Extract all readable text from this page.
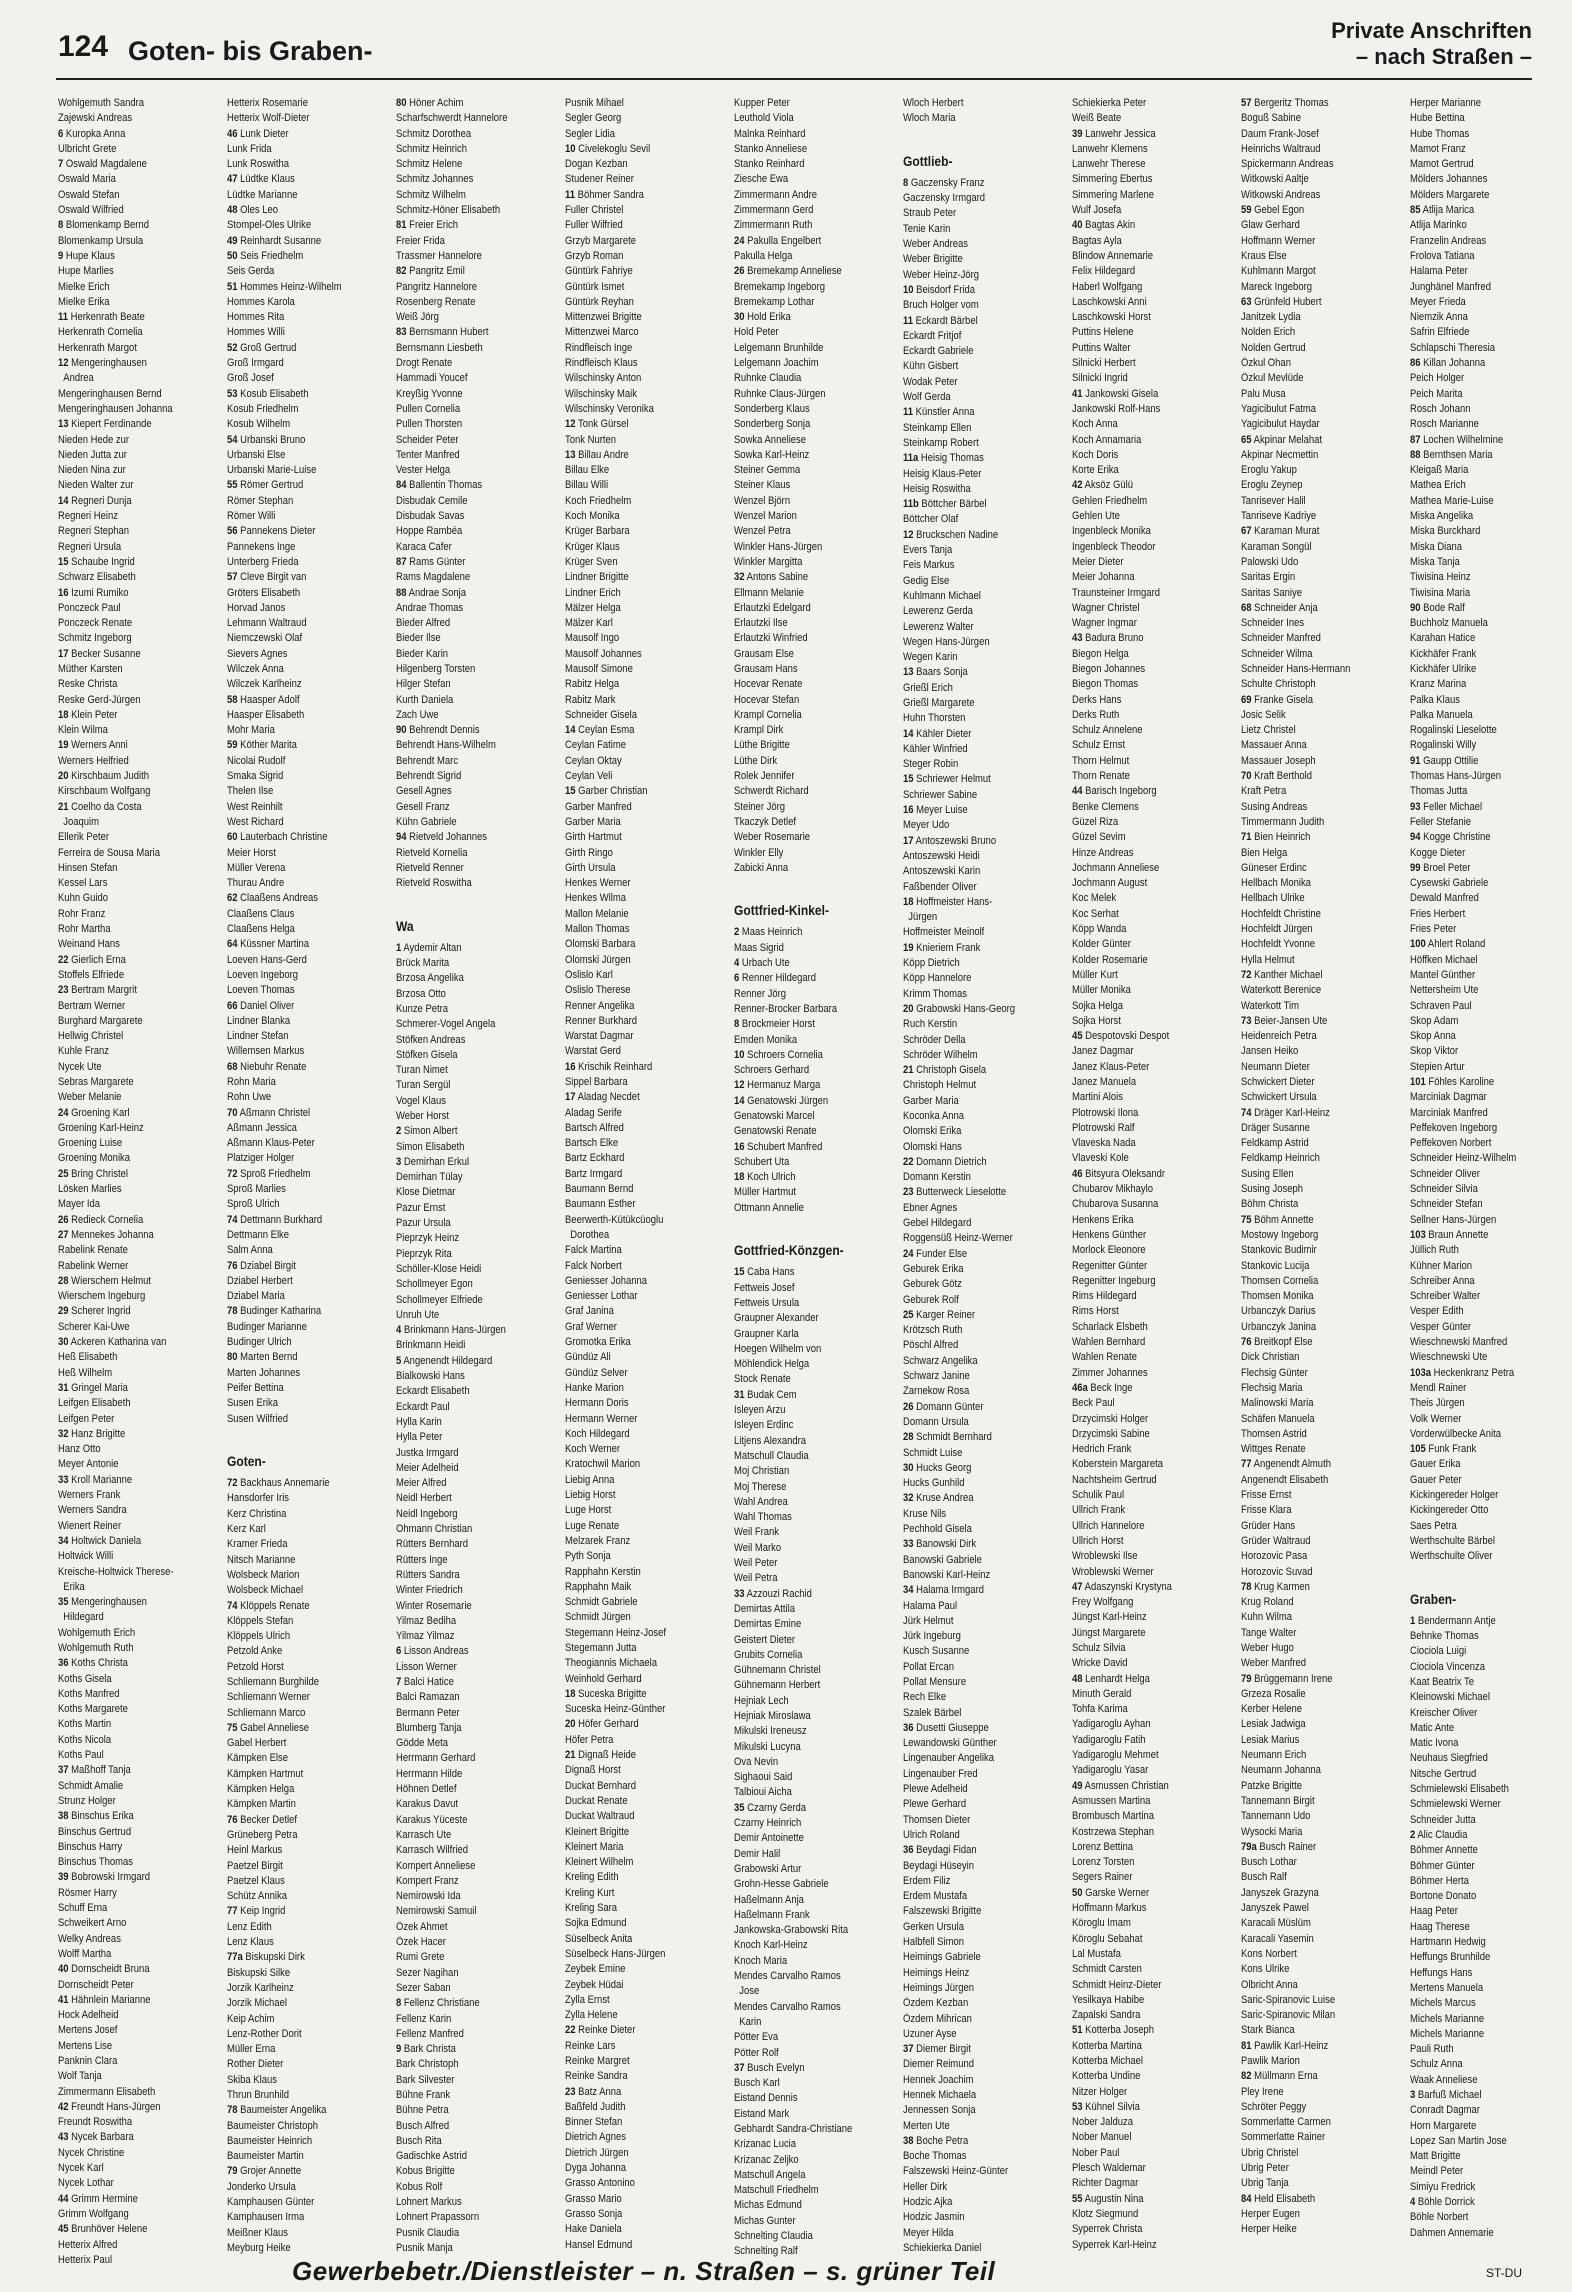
124 Goten- bis Graben-
Private Anschriften
– nach Straßen –
Wohlgemuth Sandra
Zajewski Andreas
6 Kuropka Anna
Ulbricht Grete
7 Oswald Magdalene
Oswald Maria
Oswald Stefan
Oswald Wilfried
8 Blomenkamp Bernd
Blomenkamp Ursula
9 Hupe Klaus
Hupe Marlies
Mielke Erich
Mielke Erika
11 Herkenrath Beate
Herkenrath Cornelia
Herkenrath Margot
12 Mengeringhausen
Andrea
Mengeringhausen Bernd
Mengeringhausen Johanna
13 Kiepert Ferdinande
Nieden Hede zur
Nieden Jutta zur
Nieden Nina zur
Nieden Walter zur
14 Regneri Dunja
Regneri Heinz
Regneri Stephan
Regneri Ursula
15 Schaube Ingrid
Schwarz Elisabeth
16 Izumi Rumiko
Ponczeck Paul
Ponczeck Renate
Schmitz Ingeborg
17 Becker Susanne
Müther Karsten
Reske Christa
Reske Gerd-Jürgen
18 Klein Peter
Klein Wilma
19 Werners Anni
Werners Helfried
20 Kirschbaum Judith
Kirschbaum Wolfgang
21 Coelho da Costa
Joaquim
Ellerik Peter
Ferreira de Sousa Maria
Hinsen Stefan
Kessel Lars
Kuhn Guido
Rohr Franz
Rohr Martha
Weinand Hans
22 Gierlich Erna
Stoffels Elfriede
23 Bertram Margrit
Bertram Werner
Burghard Margarete
Hellwig Christel
Kuhle Franz
Nycek Ute
Sebras Margarete
Weber Melanie
24 Groening Karl
Groening Karl-Heinz
Groening Luise
Groening Monika
25 Bring Christel
Lösken Marlies
Mayer Ida
26 Redieck Cornelia
27 Mennekes Johanna
Rabelink Renate
Rabelink Werner
28 Wierschem Helmut
Wierschem Ingeburg
29 Scherer Ingrid
Scherer Kai-Uwe
30 Ackeren Katharina van
Heß Elisabeth
Heß Wilhelm
31 Gringel Maria
Leifgen Elisabeth
Leifgen Peter
32 Hanz Brigitte
Hanz Otto
Meyer Antonie
33 Kroll Marianne
Werners Frank
Werners Sandra
Wienert Reiner
34 Holtwick Daniela
Holtwick Willi
Kreische-Holtwick Therese-
Erika
35 Mengeringhausen
Hildegard
Wohlgemuth Erich
Wohlgemuth Ruth
36 Koths Christa
Koths Gisela
Koths Manfred
Koths Margarete
Koths Martin
Koths Nicola
Koths Paul
37 Maßhoff Tanja
Schmidt Amalie
Strunz Holger
38 Binschus Erika
Binschus Gertrud
Binschus Harry
Binschus Thomas
39 Bobrowski Irmgard
Rösmer Harry
Schuff Erna
Schweikert Arno
Welky Andreas
Wolff Martha
40 Dornscheidt Bruna
Dornscheidt Peter
41 Hähnlein Marianne
Hock Adelheid
Mertens Josef
Mertens Lise
Panknin Clara
Wolf Tanja
Zimmermann Elisabeth
42 Freundt Hans-Jürgen
Freundt Roswitha
43 Nycek Barbara
Nycek Christine
Nycek Karl
Nycek Lothar
44 Grimm Hermine
Grimm Wolfgang
45 Brunhöver Helene
Hetterix Alfred
Hetterix Paul
Hetterix Rosemarie
Hetterix Wolf-Dieter
46 Lunk Dieter
Lunk Frida
Lunk Roswitha
47 Lüdtke Klaus
Lüdtke Marianne
48 Oles Leo
Stompel-Oles Ulrike
49 Reinhardt Susanne
50 Seis Friedhelm
Seis Gerda
51 Hommes Heinz-Wilhelm
Hommes Karola
Hommes Rita
Hommes Willi
52 Groß Gertrud
Groß Irmgard
Groß Josef
53 Kosub Elisabeth
Kosub Friedhelm
Kosub Wilhelm
54 Urbanski Bruno
Urbanski Else
Urbanski Marie-Luise
55 Römer Gertrud
Römer Stephan
Römer Willi
56 Pannekens Dieter
Pannekens Inge
Unterberg Frieda
57 Cleve Birgit van
Gröters Elisabeth
Horvad Janos
Lehmann Waltraud
Niemczewski Olaf
Sievers Agnes
Wilczek Anna
Wilczek Karlheinz
58 Haasper Adolf
Haasper Elisabeth
Mohr Maria
59 Köther Marita
Nicolai Rudolf
Smaka Sigrid
Thelen Ilse
West Reinhilt
West Richard
60 Lauterbach Christine
Meier Horst
Müller Verena
Thurau Andre
62 Claaßens Andreas
Claaßens Claus
Claaßens Helga
64 Küssner Martina
Loeven Hans-Gerd
Loeven Ingeborg
Loeven Thomas
66 Daniel Oliver
Lindner Blanka
Lindner Stefan
Willemsen Markus
68 Niebuhr Renate
Rohn Maria
Rohn Uwe
70 Aßmann Christel
Aßmann Jessica
Aßmann Klaus-Peter
Platziger Holger
72 Sproß Friedhelm
Sproß Marlies
Sproß Ulrich
74 Dettmann Burkhard
Dettmann Elke
Salm Anna
76 Dziabel Birgit
Dziabel Herbert
Dziabel Maria
78 Budinger Katharina
Budinger Marianne
Budinger Ulrich
80 Marten Bernd
Marten Johannes
Peifer Bettina
Susen Erika
Susen Wilfried

Goten-
72 Backhaus Annemarie
Hansdorfer Iris
Kerz Christina
Kerz Karl
Kramer Frieda
Nitsch Marianne
Wolsbeck Marion
Wolsbeck Michael
74 Klöppels Renate
Klöppels Stefan
Klöppels Ulrich
Petzold Anke
Petzold Horst
Schliemann Burghilde
Schliemann Werner
Schliemann Marco
75 Gabel Anneliese
Gabel Herbert
Kämpken Else
Kämpken Hartmut
Kämpken Helga
Kämpken Martin
76 Becker Detlef
Grüneberg Petra
Heinl Markus
Paetzel Birgit
Paetzel Klaus
Schütz Annika
77 Keip Ingrid
Lenz Edith
Lenz Klaus
77a Biskupski Dirk
Biskupski Silke
Jorzik Karlheinz
Jorzik Michael
Keip Achim
Lenz-Rother Dorit
Müller Erna
Rother Dieter
Skiba Klaus
Thrun Brunhild
78 Baumeister Angelika
Baumeister Christoph
Baumeister Heinrich
Baumeister Martin
79 Grojer Annette
Jonderko Ursula
Kamphausen Günter
Kamphausen Irma
Meißner Klaus
Meyburg Heike
80 Höner Achim
Scharfschwerdt Hannelore
Schmitz Dorothea
Schmitz Heinrich
Schmitz Helene
Schmitz Johannes
Schmitz Wilhelm
Schmitz-Höner Elisabeth
81 Freier Erich
Freier Frida
Trassmer Hannelore
82 Pangritz Emil
Pangritz Hannelore
Rosenberg Renate
Weiß Jörg
83 Bernsmann Hubert
Bernsmann Liesbeth
Drogt Renate
Hammadi Youcef
Kreyßig Yvonne
Pullen Cornelia
Pullen Thorsten
Scheider Peter
Tenter Manfred
Vester Helga
84 Ballentin Thomas
Disbudak Cemile
Disbudak Savas
Hoppe Rambéa
Karaca Cafer
87 Rams Günter
Rams Magdalene
88 Andrae Sonja
Andrae Thomas
Bieder Alfred
Bieder Ilse
Bieder Karin
Hilgenberg Torsten
Hilger Stefan
Kurth Daniela
Zach Uwe
90 Behrendt Dennis
Behrendt Hans-Wilhelm
Behrendt Marc
Behrendt Sigrid
Gesell Agnes
Gesell Franz
Kühn Gabriele
94 Rietveld Johannes
Rietveld Kornelia
Rietveld Renner
Rietveld Roswitha

Wa
1 Aydemir Altan
Brück Marita
Brzosa Angelika
Brzosa Otto
Kunze Petra
Schmerer-Vogel Angela
Stöfken Andreas
Stöfken Gisela
Turan Nimet
Turan Sergül
Vogel Klaus
Weber Horst
2 Simon Albert
Simon Elisabeth
3 Demirhan Erkul
Demirhan Tülay
Klose Dietmar
Pazur Ernst
Pazur Ursula
Pieprzyk Heinz
Pieprzyk Rita
Schöller-Klose Heidi
Schollmeyer Egon
Schollmeyer Elfriede
Unruh Ute
4 Brinkmann Hans-Jürgen
Brinkmann Heidi
5 Angenendt Hildegard
Bialkowski Hans
Eckardt Elisabeth
Eckardt Paul
Hylla Karin
Hylla Peter
Justka Irmgard
Meier Adelheid
Meier Alfred
Neidl Herbert
Neidl Ingeborg
Ohmann Christian
Rütters Bernhard
Rütters Inge
Rütters Sandra
Winter Friedrich
Winter Rosemarie
Yilmaz Bediha
Yilmaz Yilmaz
6 Lisson Andreas
Lisson Werner
7 Balci Hatice
Balci Ramazan
Bermann Peter
Blumberg Tanja
Gödde Meta
Herrmann Gerhard
Herrmann Hilde
Höhnen Detlef
Karakus Davut
Karakus Yüceste
Karrasch Ute
Karrasch Wilfried
Kompert Anneliese
Kompert Franz
Nemirowski Ida
Nemirowski Samuil
Özek Ahmet
Özek Hacer
Rumi Grete
Sezer Nagihan
Sezer Saban
8 Fellenz Christiane
Fellenz Karin
Fellenz Manfred
9 Bark Christa
Bark Christoph
Bark Silvester
Bühne Frank
Bühne Petra
Busch Alfred
Busch Rita
Gadischke Astrid
Kobus Brigitte
Kobus Rolf
Lohnert Markus
Lohnert Prapassorn
Pusnik Claudia
Pusnik Manja
Pusnik Mihael
Segler Georg
Segler Lidia
10 Civelekoglu Sevil
Dogan Kezban
Studener Reiner
11 Böhmer Sandra
Fuller Christel
Fuller Wilfried
Grzyb Margarete
Grzyb Roman
Güntürk Fahriye
Güntürk Ismet
Güntürk Reyhan
Mittenzwei Brigitte
Mittenzwei Marco
Rindfleisch Inge
Rindfleisch Klaus
Wilschinsky Anton
Wilschinsky Maik
Wilschinsky Veronika
12 Tonk Gürsel
Tonk Nurten
13 Billau Andre
Billau Elke
Billau Willi
Koch Friedhelm
Koch Monika
Krüger Barbara
Krüger Klaus
Krüger Sven
Lindner Brigitte
Lindner Erich
Mälzer Helga
Mälzer Karl
Mausolf Ingo
Mausolf Johannes
Mausolf Simone
Rabitz Helga
Rabitz Mark
Schneider Gisela
14 Ceylan Esma
Ceylan Fatime
Ceylan Oktay
Ceylan Veli
15 Garber Christian
Garber Manfred
Garber Maria
Girth Hartmut
Girth Ringo
Girth Ursula
Henkes Werner
Henkes Wilma
Mallon Melanie
Mallon Thomas
Olomski Barbara
Olomski Jürgen
Oslislo Karl
Oslislo Therese
Renner Angelika
Renner Burkhard
Warstat Dagmar
Warstat Gerd
16 Krischik Reinhard
Sippel Barbara
17 Aladag Necdet
Aladag Serife
Bartsch Alfred
Bartsch Elke
Bartz Eckhard
Bartz Irmgard
Baumann Bernd
Baumann Esther
Beerwerth-Kütükcüoglu
Dorothea
Falck Martina
Falck Norbert
Geniesser Johanna
Geniesser Lothar
Graf Janina
Graf Werner
Gromotka Erika
Gündüz Ali
Gündüz Selver
Hanke Marion
Hermann Doris
Hermann Werner
Koch Hildegard
Koch Werner
Kratochwil Marion
Liebig Anna
Liebig Horst
Luge Horst
Luge Renate
Melzarek Franz
Pyth Sonja
Rapphahn Kerstin
Rapphahn Maik
Schmidt Gabriele
Schmidt Jürgen
Stegemann Heinz-Josef
Stegemann Jutta
Theogiannis Michaela
Weinhold Gerhard
18 Suceska Brigitte
Suceska Heinz-Günther
20 Höfer Gerhard
Höfer Petra
21 Dignaß Heide
Dignaß Horst
Duckat Bernhard
Duckat Renate
Duckat Waltraud
Kleinert Brigitte
Kleinert Maria
Kleinert Wilhelm
Kreling Edith
Kreling Kurt
Kreling Sara
Sojka Edmund
Süselbeck Anita
Süselbeck Hans-Jürgen
Zeybek Emine
Zeybek Hüdai
Zylla Ernst
Zylla Helene
22 Reinke Dieter
Reinke Lars
Reinke Margret
Reinke Sandra
23 Batz Anna
Baßfeld Judith
Binner Stefan
Dietrich Agnes
Dietrich Jürgen
Dyga Johanna
Grasso Antonino
Grasso Mario
Grasso Sonja
Hake Daniela
Hansel Edmund
Kupper Peter
Leuthold Viola
Malnka Reinhard
Stanko Anneliese
Stanko Reinhard
Ziesche Ewa
Zimmermann Andre
Zimmermann Gerd
Zimmermann Ruth
24 Pakulla Engelbert
Pakulla Helga
26 Bremekamp Anneliese
Bremekamp Ingeborg
Bremekamp Lothar
30 Hold Erika
Hold Peter
Lelgemann Brunhilde
Lelgemann Joachim
Ruhnke Claudia
Ruhnke Claus-Jürgen
Sonderberg Klaus
Sonderberg Sonja
Sowka Anneliese
Sowka Karl-Heinz
Steiner Gemma
Steiner Klaus
Wenzel Björn
Wenzel Marion
Wenzel Petra
Winkler Hans-Jürgen
Winkler Margitta
32 Antons Sabine
Ellmann Melanie
Erlautzki Edelgard
Erlautzki Ilse
Erlautzki Winfried
Grausam Else
Grausam Hans
Hocevar Renate
Hocevar Stefan
Krampl Cornelia
Krampl Dirk
Lüthe Brigitte
Lüthe Dirk
Rolek Jennifer
Schwerdt Richard
Steiner Jörg
Tkaczyk Detlef
Weber Rosemarie
Winkler Elly
Zabicki Anna

Gottfried-Kinkel-
2 Maas Heinrich
Maas Sigrid
4 Urbach Ute
6 Renner Hildegard
Renner Jörg
Renner-Brocker Barbara
8 Brockmeier Horst
Emden Monika
10 Schroers Cornelia
Schroers Gerhard
12 Hermanuz Marga
14 Genatowski Jürgen
Genatowski Marcel
Genatowski Renate
16 Schubert Manfred
Schubert Uta
18 Koch Ulrich
Müller Hartmut
Ottmann Annelie

Gottfried-Könzgen-
15 Caba Hans
Fettweis Josef
Fettweis Ursula
Graupner Alexander
Graupner Karla
Hoegen Wilhelm von
Möhlendick Helga
Stock Renate
31 Budak Cem
Isleyen Arzu
Isleyen Erdinc
Litjens Alexandra
Matschull Claudia
Moj Christian
Moj Therese
Wahl Andrea
Wahl Thomas
Weil Frank
Weil Marko
Weil Peter
Weil Petra
33 Azzouzi Rachid
Demirtas Attila
Demirtas Emine
Geistert Dieter
Grubits Cornelia
Gühnemann Christel
Gühnemann Herbert
Hejniak Lech
Hejniak Miroslawa
Mikulski Ireneusz
Mikulski Lucyna
Ova Nevin
Sighaoui Said
Talbioui Aicha
35 Czarny Gerda
Czarny Heinrich
Demir Antoinette
Demir Halil
Grabowski Artur
Grohn-Hesse Gabriele
Haßelmann Anja
Haßelmann Frank
Jankowska-Grabowski Rita
Knoch Karl-Heinz
Knoch Maria
Mendes Carvalho Ramos
Jose
Mendes Carvalho Ramos
Karin
Pötter Eva
Pötter Rolf
37 Busch Evelyn
Busch Karl
Eistand Dennis
Eistand Mark
Gebhardt Sandra-Christiane
Krizanac Lucia
Krizanac Zeljko
Matschull Angela
Matschull Friedhelm
Michas Edmund
Michas Gunter
Schnelting Claudia
Schnelting Ralf
Wloch Herbert
Wloch Maria

Gottlieb-
8 Gaczensky Franz
Gaczensky Irmgard
Straub Peter
Tenie Karin
Weber Andreas
Weber Brigitte
Weber Heinz-Jörg
10 Beisdorf Frida
Bruch Holger vom
11 Eckardt Bärbel
Eckardt Fritjof
Eckardt Gabriele
Kühn Gisbert
Wodak Peter
Wolf Gerda
11 Künstler Anna
Steinkamp Ellen
Steinkamp Robert
11a Heisig Thomas
Heisig Klaus-Peter
Heisig Roswitha
11b Böttcher Bärbel
Böttcher Olaf
12 Bruckschen Nadine
Evers Tanja
Feis Markus
Gedig Else
Kuhlmann Michael
Lewerenz Gerda
Lewerenz Walter
Wegen Hans-Jürgen
Wegen Karin
13 Baars Sonja
Grießl Erich
Grießl Margarete
Huhn Thorsten
14 Kähler Dieter
Kähler Winfried
Steger Robin
15 Schriewer Helmut
Schriewer Sabine
16 Meyer Luise
Meyer Udo
17 Antoszewski Bruno
Antoszewski Heidi
Antoszewski Karin
Faßbender Oliver
18 Hoffmeister Hans-
Jürgen
Hoffmeister Meinolf
19 Knieriem Frank
Köpp Dietrich
Köpp Hannelore
Krimm Thomas
20 Grabowski Hans-Georg
Ruch Kerstin
Schröder Della
Schröder Wilhelm
21 Christoph Gisela
Christoph Helmut
Garber Maria
Koconka Anna
Olomski Erika
Olomski Hans
22 Domann Dietrich
Domann Kerstin
23 Butterweck Lieselotte
Ebner Agnes
Gebel Hildegard
Roggensüß Heinz-Werner
24 Funder Else
Geburek Erika
Geburek Götz
Geburek Rolf
25 Karger Reiner
Krötzsch Ruth
Pöschl Alfred
Schwarz Angelika
Schwarz Janine
Zarnekow Rosa
26 Domann Günter
Domann Ursula
28 Schmidt Bernhard
Schmidt Luise
30 Hucks Georg
Hucks Gunhild
32 Kruse Andrea
Kruse Nils
Pechhold Gisela
33 Banowski Dirk
Banowski Gabriele
Banowski Karl-Heinz
34 Halama Irmgard
Halama Paul
Jürk Helmut
Jürk Ingeburg
Kusch Susanne
Pollat Ercan
Pollat Mensure
Rech Elke
Szalek Bärbel
36 Dusetti Giuseppe
Lewandowski Günther
Lingenauber Angelika
Lingenauber Fred
Plewe Adelheid
Plewe Gerhard
Thomsen Dieter
Ulrich Roland
36 Beydagi Fidan
Beydagi Hüseyin
Erdem Filiz
Erdem Mustafa
Falszewski Brigitte
Gerken Ursula
Halbfell Simon
Heimings Gabriele
Heimings Heinz
Heimings Jürgen
Özdem Kezban
Özdem Mihrican
Uzuner Ayse
37 Diemer Birgit
Diemer Reimund
Hennek Joachim
Hennek Michaela
Jennessen Sonja
Merten Ute
38 Boche Petra
Boche Thomas
Falszewski Heinz-Günter
Heller Dirk
Hodzic Ajka
Hodzic Jasmin
Meyer Hilda
Schiekierka Daniel
Schiekierka Peter
Weiß Beate
39 Lanwehr Jessica
Lanwehr Klemens
Lanwehr Therese
Simmering Ebertus
Simmering Marlene
Wulf Josefa
40 Bagtas Akin
Bagtas Ayla
Blindow Annemarie
Felix Hildegard
Haberl Wolfgang
Laschkowski Anni
Laschkowski Horst
Puttins Helene
Puttins Walter
Silnicki Herbert
Silnicki Ingrid
41 Jankowski Gisela
Jankowski Rolf-Hans
Koch Anna
Koch Annamaria
Koch Doris
Korte Erika
42 Aksöz Gülü
Gehlen Friedhelm
Gehlen Ute
Ingenbleck Monika
Ingenbleck Theodor
Meier Dieter
Meier Johanna
Traunsteiner Irmgard
Wagner Christel
Wagner Ingmar
43 Badura Bruno
Biegon Helga
Biegon Johannes
Biegon Thomas
Derks Hans
Derks Ruth
Schulz Annelene
Schulz Ernst
Thorn Helmut
Thorn Renate
44 Barisch Ingeborg
Benke Clemens
Güzel Riza
Güzel Sevim
Hinze Andreas
Jochmann Anneliese
Jochmann August
Koc Melek
Koc Serhat
Köpp Wanda
Kolder Günter
Kolder Rosemarie
Müller Kurt
Müller Monika
Sojka Helga
Sojka Horst
45 Despotovski Despot
Janez Dagmar
Janez Klaus-Peter
Janez Manuela
Martini Alois
Plotrowski Ilona
Plotrowski Ralf
Vlaveskа Nada
Vlaveski Kole
46 Bitsyura Oleksandr
Chubarov Mikhaylo
Chubarova Susanna
Henkens Erika
Henkens Günther
Morlock Eleonore
Regenitter Günter
Regenitter Ingeburg
Rims Hildegard
Rims Horst
Scharlack Elsbeth
Wahlen Bernhard
Wahlen Renate
Zimmer Johannes
46a Beck Inge
Beck Paul
Drzycimski Holger
Drzycimski Sabine
Hedrich Frank
Koberstein Margareta
Nachtsheim Gertrud
Schulik Paul
Ullrich Frank
Ullrich Hannelore
Ullrich Horst
Wroblewski Ilse
Wroblewski Werner
47 Adaszynski Krystyna
Frey Wolfgang
Jüngst Karl-Heinz
Jüngst Margarete
Schulz Silvia
Wricke David
48 Lenhardt Helga
Minuth Gerald
Tohfa Karima
Yadigaroglu Ayhan
Yadigaroglu Fatih
Yadigaroglu Mehmet
Yadigaroglu Yasar
49 Asmussen Christian
Asmussen Martina
Brombusch Martina
Kostrzewa Stephan
Lorenz Bettina
Lorenz Torsten
Segers Rainer
50 Garske Werner
Hoffmann Markus
Köroglu Imam
Köroglu Sebahat
Lal Mustafa
Schmidt Carsten
Schmidt Heinz-Dieter
Yesilkaya Habibe
Zapalski Sandra
51 Kotterba Joseph
Kotterba Martina
Kotterba Michael
Kotterba Undine
Nitzer Holger
53 Kühnel Silvia
Nober Jalduza
Nober Manuel
Nober Paul
Plesch Waldemar
Richter Dagmar
55 Augustin Nina
Klotz Siegmund
Syperrek Christa
Syperrek Karl-Heinz
57 Bergeritz Thomas
Boguß Sabine
Daum Frank-Josef
Heinrichs Waltraud
Spickermann Andreas
Witkowski Aaltje
Witkowski Andreas
59 Gebel Egon
Glaw Gerhard
Hoffmann Werner
Kraus Else
Kuhlmann Margot
Mareck Ingeborg
63 Grünfeld Hubert
Janitzek Lydia
Nolden Erich
Nolden Gertrud
Özkul Ohan
Özkul Mevlüde
Palu Musa
Yagicibulut Fatma
Yagicibulut Haydar
65 Akpinar Melahat
Akpinar Necmettin
Eroglu Yakup
Eroglu Zeynep
Tanrisever Halil
Tanriseve Kadriye
67 Karaman Murat
Karaman Songül
Palowski Udo
Saritas Ergin
Saritas Saniye
68 Schneider Anja
Schneider Ines
Schneider Manfred
Schneider Wilma
Schneider Hans-Hermann
Schulte Christoph
69 Franke Gisela
Josic Selik
Lietz Christel
Massauer Anna
Massauer Joseph
70 Kraft Berthold
Kraft Petra
Susing Andreas
Timmermann Judith
71 Bien Heinrich
Bien Helga
Güneser Erdinc
Hellbach Monika
Hellbach Ulrike
Hochfeldt Christine
Hochfeldt Jürgen
Hochfeldt Yvonne
Hylla Helmut
72 Kanther Michael
Waterkott Berenice
Waterkott Tim
73 Beier-Jansen Ute
Heidenreich Petra
Jansen Heiko
Neumann Dieter
Schwickert Dieter
Schwickert Ursula
74 Dräger Karl-Heinz
Dräger Susanne
Feldkamp Astrid
Feldkamp Heinrich
Susing Ellen
Susing Joseph
Böhm Christa
75 Böhm Annette
Mostowy Ingeborg
Stankovic Budimir
Stankovic Lucija
Thomsen Cornelia
Thomsen Monika
Urbanczyk Darius
Urbanczyk Janina
76 Breitkopf Else
Dick Christian
Flechsig Günter
Flechsig Maria
Malinowski Maria
Schäfen Manuela
Thomsen Astrid
Wittges Renate
77 Angenendt Almuth
Angenendt Elisabeth
Frisse Ernst
Frisse Klara
Grüder Hans
Grüder Waltraud
Horozovic Pasa
Horozovic Suvad
78 Krug Karmen
Krug Roland
Kuhn Wilma
Tange Walter
Weber Hugo
Weber Manfred
79 Brüggemann Irene
Grzeza Rosalie
Kerber Helene
Lesiak Jadwiga
Lesiak Marius
Neumann Erich
Neumann Johanna
Patzke Brigitte
Tannemann Birgit
Tannemann Udo
Wysocki Maria
79a Busch Rainer
Busch Lothar
Busch Ralf
Janyszek Grazyna
Janyszek Pawel
Karacali Müslüm
Karacali Yasemin
Kons Norbert
Kons Ulrike
Olbricht Anna
Saric-Spiranovic Luise
Saric-Spiranovic Milan
Stark Bianca
81 Pawlik Karl-Heinz
Pawlik Marion
82 Müllmann Erna
Pley Irene
Schröter Peggy
Sommerlatte Carmen
Sommerlatte Rainer
Ubrig Christel
Ubrig Peter
Ubrig Tanja
84 Held Elisabeth
Herper Eugen
Herper Heike
Herper Marianne
Hube Bettina
Hube Thomas
Mamot Franz
Mamot Gertrud
Mölders Johannes
Mölders Margarete
85 Atlija Marica
Atlija Marinko
Franzelin Andreas
Frolova Tatiana
Halama Peter
Junghänel Manfred
Meyer Frieda
Niemzik Anna
Safrin Elfriede
Schlapschi Theresia
86 Killan Johanna
Peich Holger
Peich Marita
Rosch Johann
Rosch Marianne
87 Lochen Wilhelmine
88 Bernthsen Maria
Kleigaß Maria
Mathea Erich
Mathea Marie-Luise
Miska Angelika
Miska Burckhard
Miska Diana
Miska Tanja
Tiwisina Heinz
Tiwisina Maria
90 Bode Ralf
Buchholz Manuela
Karahan Hatice
Kickhäfer Frank
Kickhäfer Ulrike
Kranz Marina
Palka Klaus
Palka Manuela
Rogalinski Lieselotte
Rogalinski Willy
91 Gaupp Ottilie
Thomas Hans-Jürgen
Thomas Jutta
93 Feller Michael
Feller Stefanie
94 Kogge Christine
Kogge Dieter
99 Broel Peter
Cysewski Gabriele
Dewald Manfred
Fries Herbert
Fries Peter
100 Ahlert Roland
Höffken Michael
Mantel Günther
Nettersheim Ute
Schraven Paul
Skop Adam
Skop Anna
Skop Viktor
Stepien Artur
101 Föhles Karoline
Marciniak Dagmar
Marciniak Manfred
Peffekoven Ingeborg
Peffekoven Norbert
Schneider Heinz-Wilhelm
Schneider Oliver
Schneider Silvia
Schneider Stefan
Sellner Hans-Jürgen
103 Braun Annette
Jüllich Ruth
Kühner Marion
Schreiber Anna
Schreiber Walter
Vesper Edith
Vesper Günter
Wieschnewski Manfred
Wieschnewski Ute
103a Heckenkranz Petra
Mendl Rainer
Theis Jürgen
Volk Werner
Vorderwülbecke Anita
105 Funk Frank
Gauer Erika
Gauer Peter
Kickingereder Holger
Kickingereder Otto
Saes Petra
Werthschulte Bärbel
Werthschulte Oliver

Graben-
1 Bendermann Antje
Behnke Thomas
Ciociola Luigi
Ciociola Vincenza
Kaat Beatrix Te
Kleinowski Michael
Kreischer Oliver
Matic Ante
Matic Ivona
Neuhaus Siegfried
Nitsche Gertrud
Schmielewski Elisabeth
Schmielewski Werner
Schneider Jutta
2 Alic Claudia
Böhmer Annette
Böhmer Günter
Böhmer Herta
Bortone Donato
Haag Peter
Haag Therese
Hartmann Hedwig
Heffungs Brunhilde
Heffungs Hans
Mertens Manuela
Michels Marcus
Michels Marianne
Michels Marianne
Pauli Ruth
Schulz Anna
Waak Anneliese
3 Barfuß Michael
Conradt Dagmar
Horn Margarete
Lopez San Martin Jose
Matt Brigitte
Meindl Peter
Simiyu Fredrick
4 Böhle Dorrick
Böhle Norbert
Dahmen Annemarie
Gewerbebetr./Dienstleister – n. Straßen – s. grüner Teil	ST-DU
